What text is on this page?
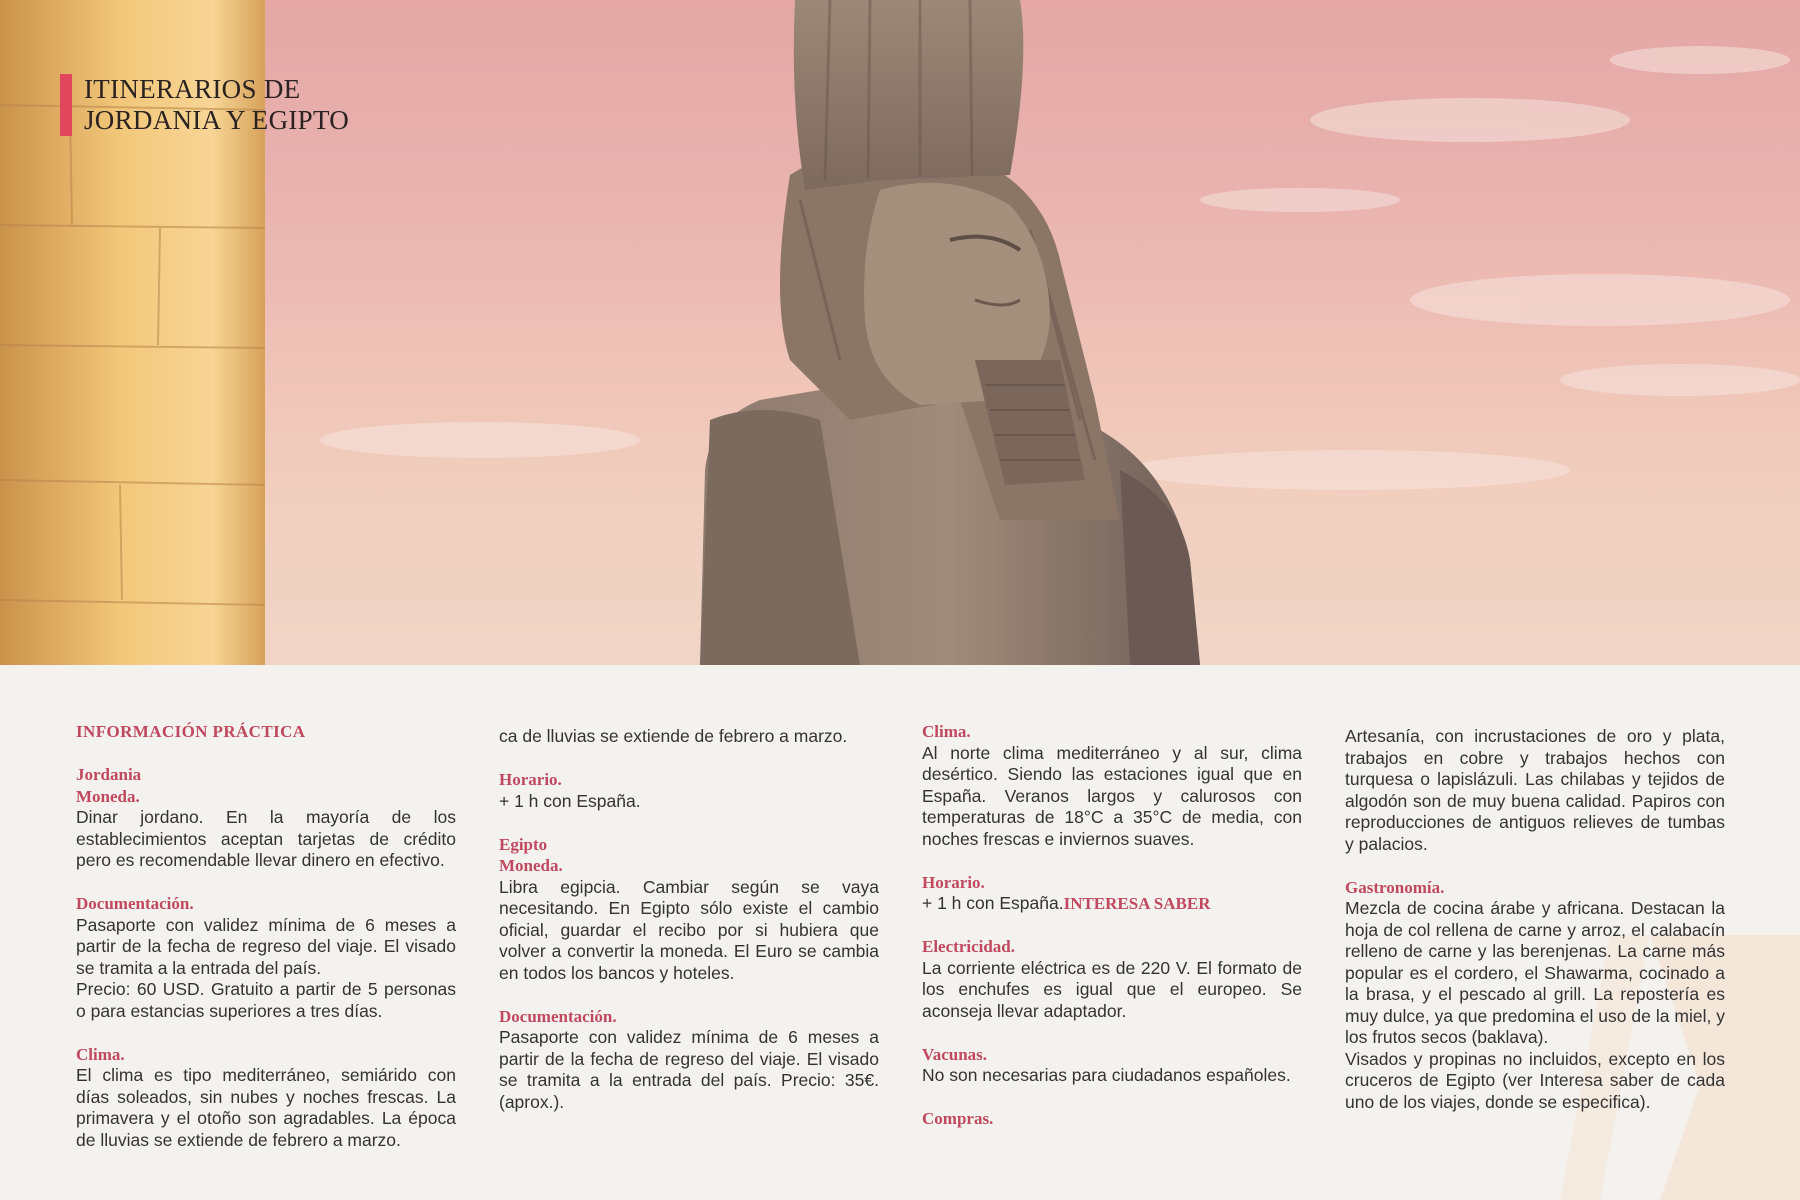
ITINERARIOS DE
JORDANIA Y EGIPTO

INFORMACIÓN PRÁCTICA

Jordania

Moneda.

Dinar jordano. En la mayoría de los establecimientos aceptan tarjetas de crédito pero es recomendable llevar dinero en efectivo.

Documentación.

Pasaporte con validez mínima de 6 meses a partir de la fecha de regreso del viaje. El visado se tramita a la entrada del país.

Precio: 60 USD. Gratuito a partir de 5 personas o para estancias superiores a tres días.

Clima.

El clima es tipo mediterráneo, semiárido con días soleados, sin nubes y noches frescas. La primavera y el otoño son agradables. La época de lluvias se extiende de febrero a marzo.

ca de lluvias se extiende de febrero a marzo.

Horario.

+ 1 h con España.

Egipto

Moneda.

Libra egipcia. Cambiar según se vaya necesitando. En Egipto sólo existe el cambio oficial, guardar el recibo por si hubiera que volver a convertir la moneda. El Euro se cambia en todos los bancos y hoteles.

Documentación.

Pasaporte con validez mínima de 6 meses a partir de la fecha de regreso del viaje. El visado se tramita a la entrada del país. Precio: 35€. (aprox.).

Clima.

Al norte clima mediterráneo y al sur, clima desértico. Siendo las estaciones igual que en España. Veranos largos y calurosos con temperaturas de 18°C a 35°C de media, con noches frescas e inviernos suaves.

Horario.

+ 1 h con España.INTERESA SABER

Electricidad.

La corriente eléctrica es de 220 V. El formato de los enchufes es igual que el europeo. Se aconseja llevar adaptador.

Vacunas.

No son necesarias para ciudadanos españoles.

Compras.

Artesanía, con incrustaciones de oro y plata, trabajos en cobre y trabajos hechos con turquesa o lapislázuli. Las chilabas y tejidos de algodón son de muy buena calidad. Papiros con reproducciones de antiguos relieves de tumbas y palacios.

Gastronomía.

Mezcla de cocina árabe y africana. Destacan la hoja de col rellena de carne y arroz, el calabacín relleno de carne y las berenjenas. La carne más popular es el cordero, el Shawarma, cocinado a la brasa, y el pescado al grill. La repostería es muy dulce, ya que predomina el uso de la miel, y los frutos secos (baklava).

Visados y propinas no incluidos, excepto en los cruceros de Egipto (ver Interesa saber de cada uno de los viajes, donde se especifica).
